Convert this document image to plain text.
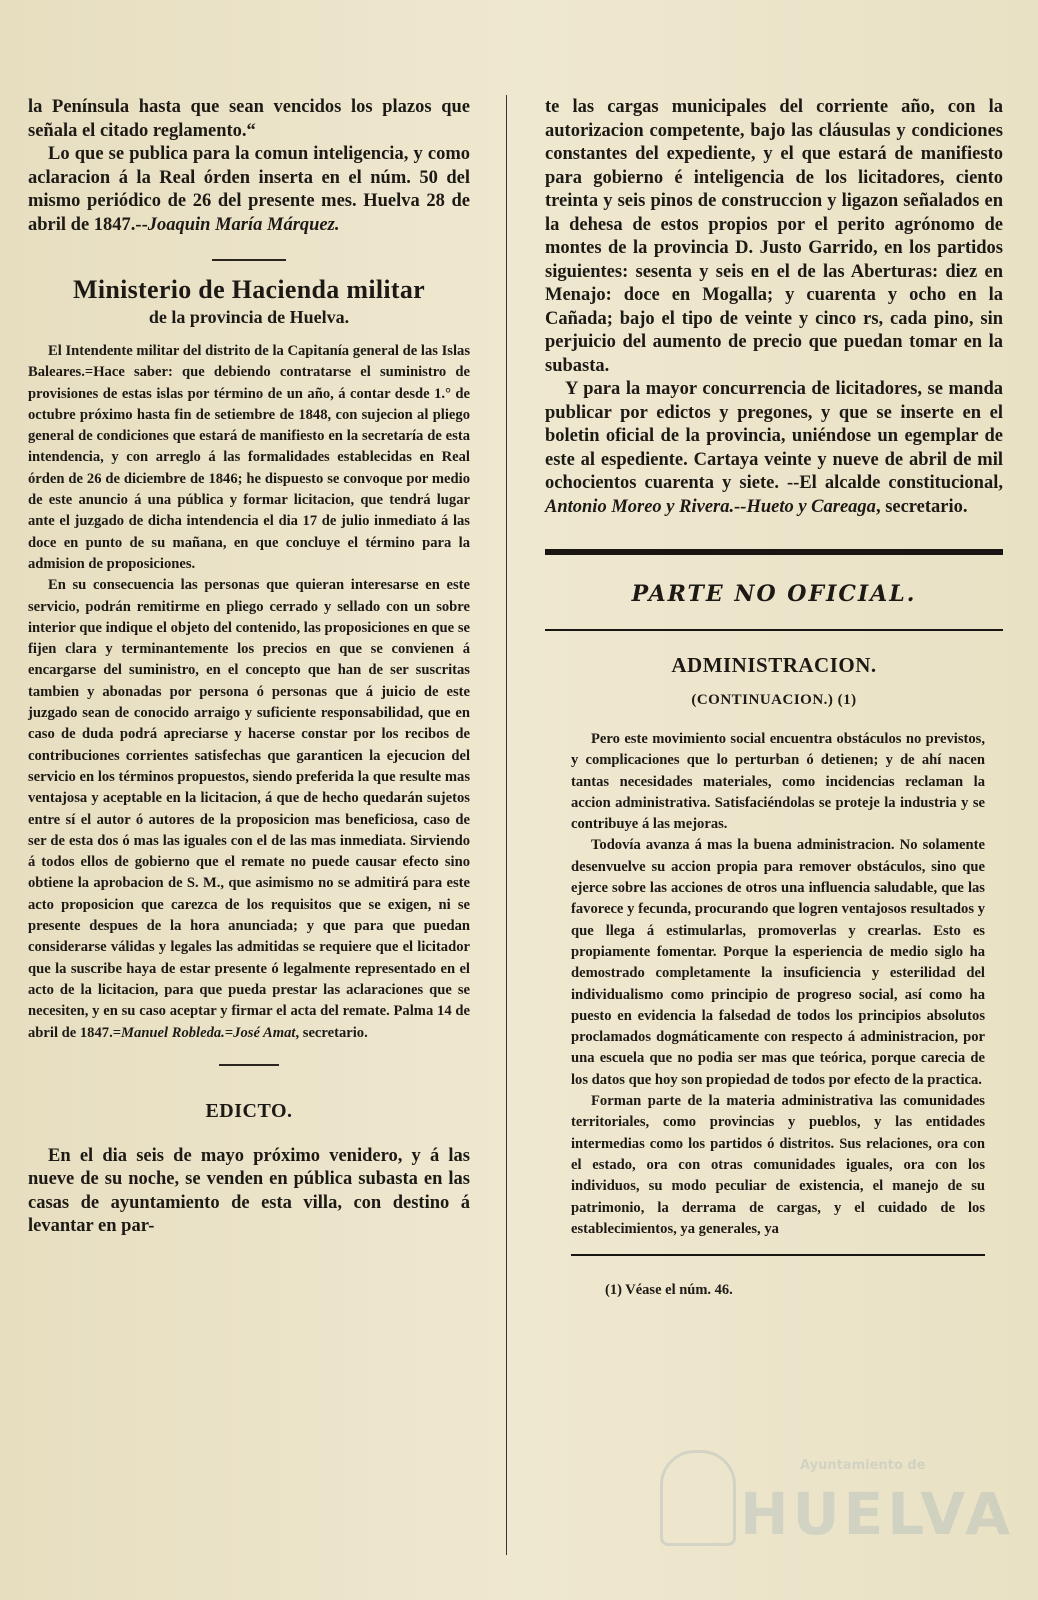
la Península hasta que sean vencidos los plazos que señala el citado reglamento.“

Lo que se publica para la comun inteligencia, y como aclaracion á la Real órden inserta en el núm. 50 del mismo periódico de 26 del presente mes. Huelva 28 de abril de 1847.--Joaquin María Márquez.

Ministerio de Hacienda militar
de la provincia de Huelva.

El Intendente militar del distrito de la Capitanía general de las Islas Baleares.=Hace saber: que debiendo contratarse el suministro de provisiones de estas islas por término de un año, á contar desde 1.° de octubre próximo hasta fin de setiembre de 1848, con sujecion al pliego general de condiciones que estará de manifiesto en la secretaría de esta intendencia, y con arreglo á las formalidades establecidas en Real órden de 26 de diciembre de 1846; he dispuesto se convoque por medio de este anuncio á una pública y formar licitacion, que tendrá lugar ante el juzgado de dicha intendencia el dia 17 de julio inmediato á las doce en punto de su mañana, en que concluye el término para la admision de proposiciones.

En su consecuencia las personas que quieran interesarse en este servicio, podrán remitirme en pliego cerrado y sellado con un sobre interior que indique el objeto del contenido, las proposiciones en que se fijen clara y terminantemente los precios en que se convienen á encargarse del suministro, en el concepto que han de ser suscritas tambien y abonadas por persona ó personas que á juicio de este juzgado sean de conocido arraigo y suficiente responsabilidad, que en caso de duda podrá apreciarse y hacerse constar por los recibos de contribuciones corrientes satisfechas que garanticen la ejecucion del servicio en los términos propuestos, siendo preferida la que resulte mas ventajosa y aceptable en la licitacion, á que de hecho quedarán sujetos entre sí el autor ó autores de la proposicion mas beneficiosa, caso de ser de esta dos ó mas las iguales con el de las mas inmediata. Sirviendo á todos ellos de gobierno que el remate no puede causar efecto sino obtiene la aprobacion de S. M., que asimismo no se admitirá para este acto proposicion que carezca de los requisitos que se exigen, ni se presente despues de la hora anunciada; y que para que puedan considerarse válidas y legales las admitidas se requiere que el licitador que la suscribe haya de estar presente ó legalmente representado en el acto de la licitacion, para que pueda prestar las aclaraciones que se necesiten, y en su caso aceptar y firmar el acta del remate. Palma 14 de abril de 1847.=Manuel Robleda.=José Amat, secretario.

EDICTO.

En el dia seis de mayo próximo venidero, y á las nueve de su noche, se venden en pública subasta en las casas de ayuntamiento de esta villa, con destino á levantar en par-

te las cargas municipales del corriente año, con la autorizacion competente, bajo las cláusulas y condiciones constantes del expediente, y el que estará de manifiesto para gobierno é inteligencia de los licitadores, ciento treinta y seis pinos de construccion y ligazon señalados en la dehesa de estos propios por el perito agrónomo de montes de la provincia D. Justo Garrido, en los partidos siguientes: sesenta y seis en el de las Aberturas: diez en Menajo: doce en Mogalla; y cuarenta y ocho en la Cañada; bajo el tipo de veinte y cinco rs, cada pino, sin perjuicio del aumento de precio que puedan tomar en la subasta.

Y para la mayor concurrencia de licitadores, se manda publicar por edictos y pregones, y que se inserte en el boletin oficial de la provincia, uniéndose un egemplar de este al espediente. Cartaya veinte y nueve de abril de mil ochocientos cuarenta y siete. --El alcalde constitucional, Antonio Moreo y Rivera.--Hueto y Careaga, secretario.

PARTE NO OFICIAL.
ADMINISTRACION.
(CONTINUACION.) (1)

Pero este movimiento social encuentra obstáculos no previstos, y complicaciones que lo perturban ó detienen; y de ahí nacen tantas necesidades materiales, como incidencias reclaman la accion administrativa. Satisfaciéndolas se proteje la industria y se contribuye á las mejoras.

Todovía avanza á mas la buena administracion. No solamente desenvuelve su accion propia para remover obstáculos, sino que ejerce sobre las acciones de otros una influencia saludable, que las favorece y fecunda, procurando que logren ventajosos resultados y que llega á estimularlas, promoverlas y crearlas. Esto es propiamente fomentar. Porque la esperiencia de medio siglo ha demostrado completamente la insuficiencia y esterilidad del individualismo como principio de progreso social, así como ha puesto en evidencia la falsedad de todos los principios absolutos proclamados dogmáticamente con respecto á administracion, por una escuela que no podia ser mas que teórica, porque carecia de los datos que hoy son propiedad de todos por efecto de la practica.

Forman parte de la materia administrativa las comunidades territoriales, como provincias y pueblos, y las entidades intermedias como los partidos ó distritos. Sus relaciones, ora con el estado, ora con otras comunidades iguales, ora con los individuos, su modo peculiar de existencia, el manejo de su patrimonio, la derrama de cargas, y el cuidado de los establecimientos, ya generales, ya

(1) Véase el núm. 46.
Ayuntamiento de
HUELVA
